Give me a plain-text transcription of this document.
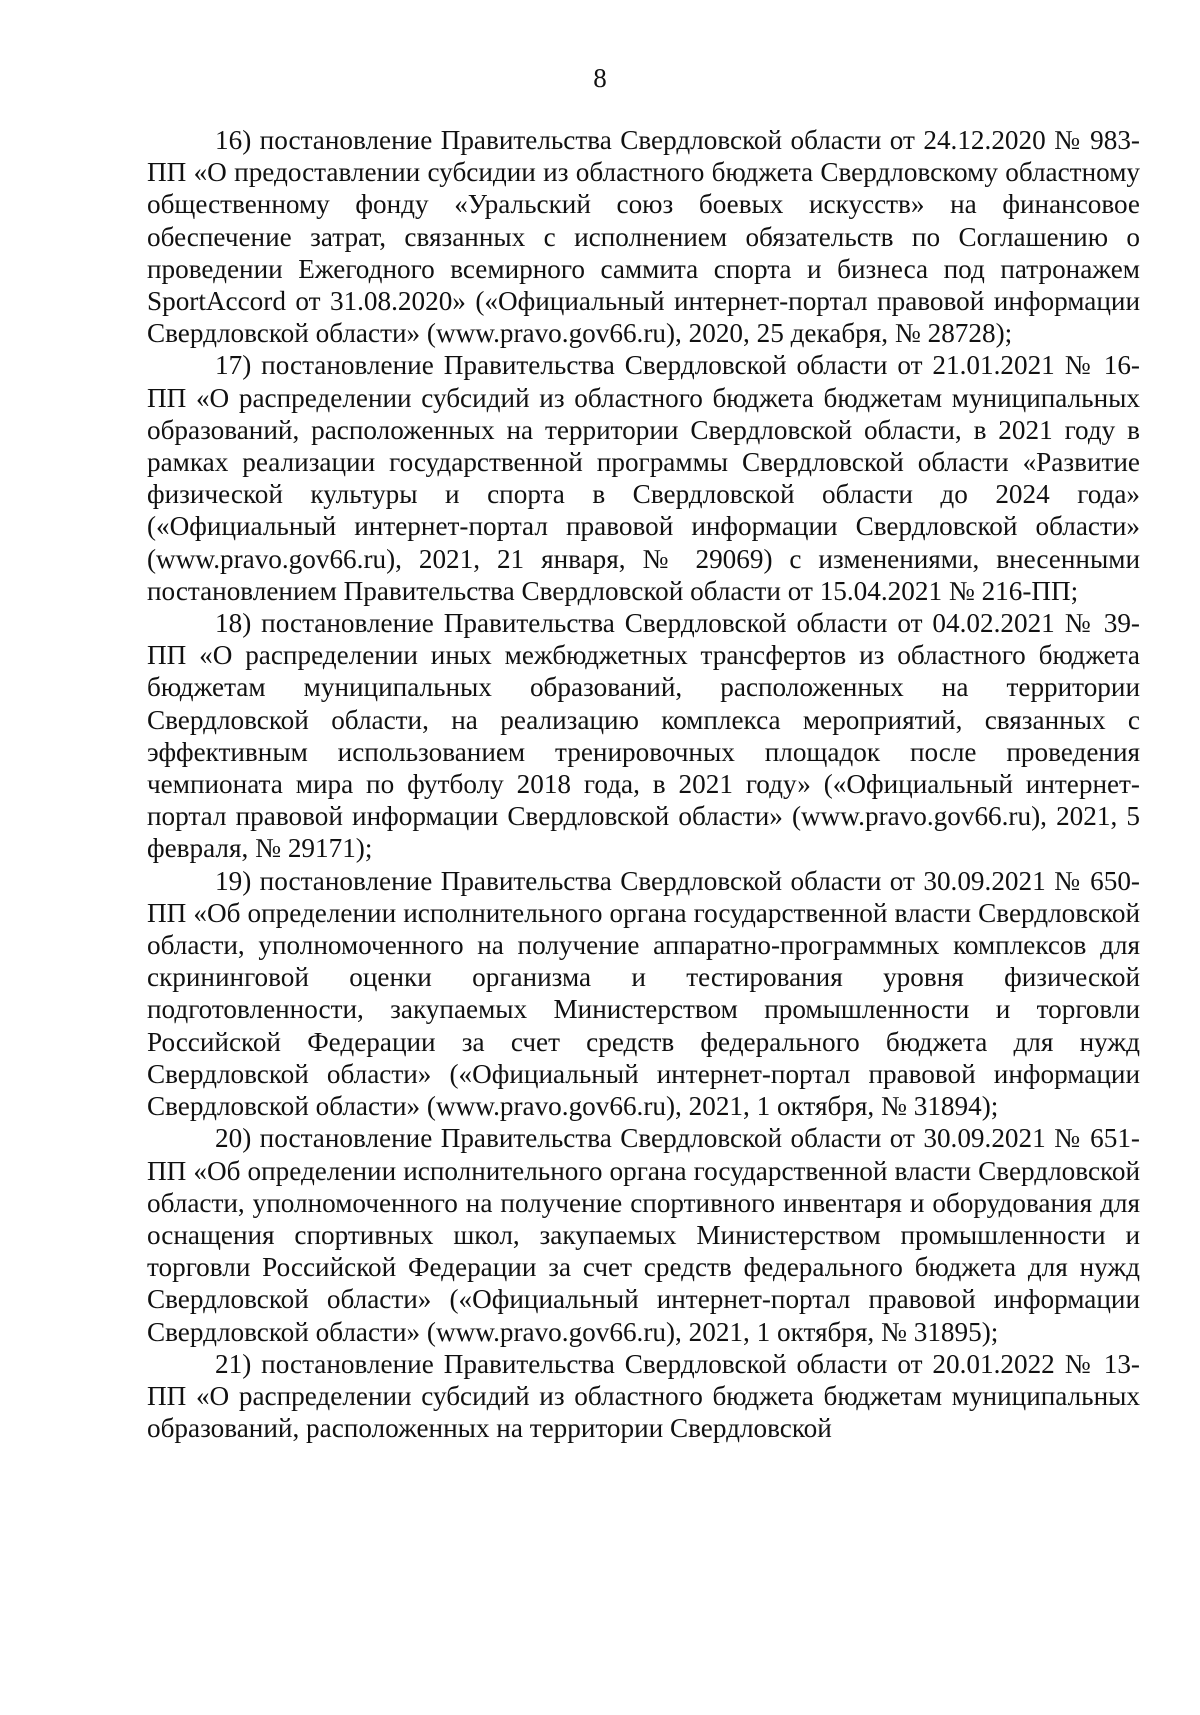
8

16) постановление Правительства Свердловской области от 24.12.2020 № 983-ПП «О предоставлении субсидии из областного бюджета Свердловскому областному общественному фонду «Уральский союз боевых искусств» на финансовое обеспечение затрат, связанных с исполнением обязательств по Соглашению о проведении Ежегодного всемирного саммита спорта и бизнеса под патронажем SportAccord от 31.08.2020» («Официальный интернет-портал правовой информации Свердловской области» (www.pravo.gov66.ru), 2020, 25 декабря, № 28728);

17) постановление Правительства Свердловской области от 21.01.2021 № 16-ПП «О распределении субсидий из областного бюджета бюджетам муниципальных образований, расположенных на территории Свердловской области, в 2021 году в рамках реализации государственной программы Свердловской области «Развитие физической культуры и спорта в Свердловской области до 2024 года» («Официальный интернет-портал правовой информации Свердловской области» (www.pravo.gov66.ru), 2021, 21 января, № 29069) с изменениями, внесенными постановлением Правительства Свердловской области от 15.04.2021 № 216-ПП;

18) постановление Правительства Свердловской области от 04.02.2021 № 39-ПП «О распределении иных межбюджетных трансфертов из областного бюджета бюджетам муниципальных образований, расположенных на территории Свердловской области, на реализацию комплекса мероприятий, связанных с эффективным использованием тренировочных площадок после проведения чемпионата мира по футболу 2018 года, в 2021 году» («Официальный интернет-портал правовой информации Свердловской области» (www.pravo.gov66.ru), 2021, 5 февраля, № 29171);

19) постановление Правительства Свердловской области от 30.09.2021 № 650-ПП «Об определении исполнительного органа государственной власти Свердловской области, уполномоченного на получение аппаратно-программных комплексов для скрининговой оценки организма и тестирования уровня физической подготовленности, закупаемых Министерством промышленности и торговли Российской Федерации за счет средств федерального бюджета для нужд Свердловской области» («Официальный интернет-портал правовой информации Свердловской области» (www.pravo.gov66.ru), 2021, 1 октября, № 31894);

20) постановление Правительства Свердловской области от 30.09.2021 № 651-ПП «Об определении исполнительного органа государственной власти Свердловской области, уполномоченного на получение спортивного инвентаря и оборудования для оснащения спортивных школ, закупаемых Министерством промышленности и торговли Российской Федерации за счет средств федерального бюджета для нужд Свердловской области» («Официальный интернет-портал правовой информации Свердловской области» (www.pravo.gov66.ru), 2021, 1 октября, № 31895);

21) постановление Правительства Свердловской области от 20.01.2022 № 13-ПП «О распределении субсидий из областного бюджета бюджетам муниципальных образований, расположенных на территории Свердловской
